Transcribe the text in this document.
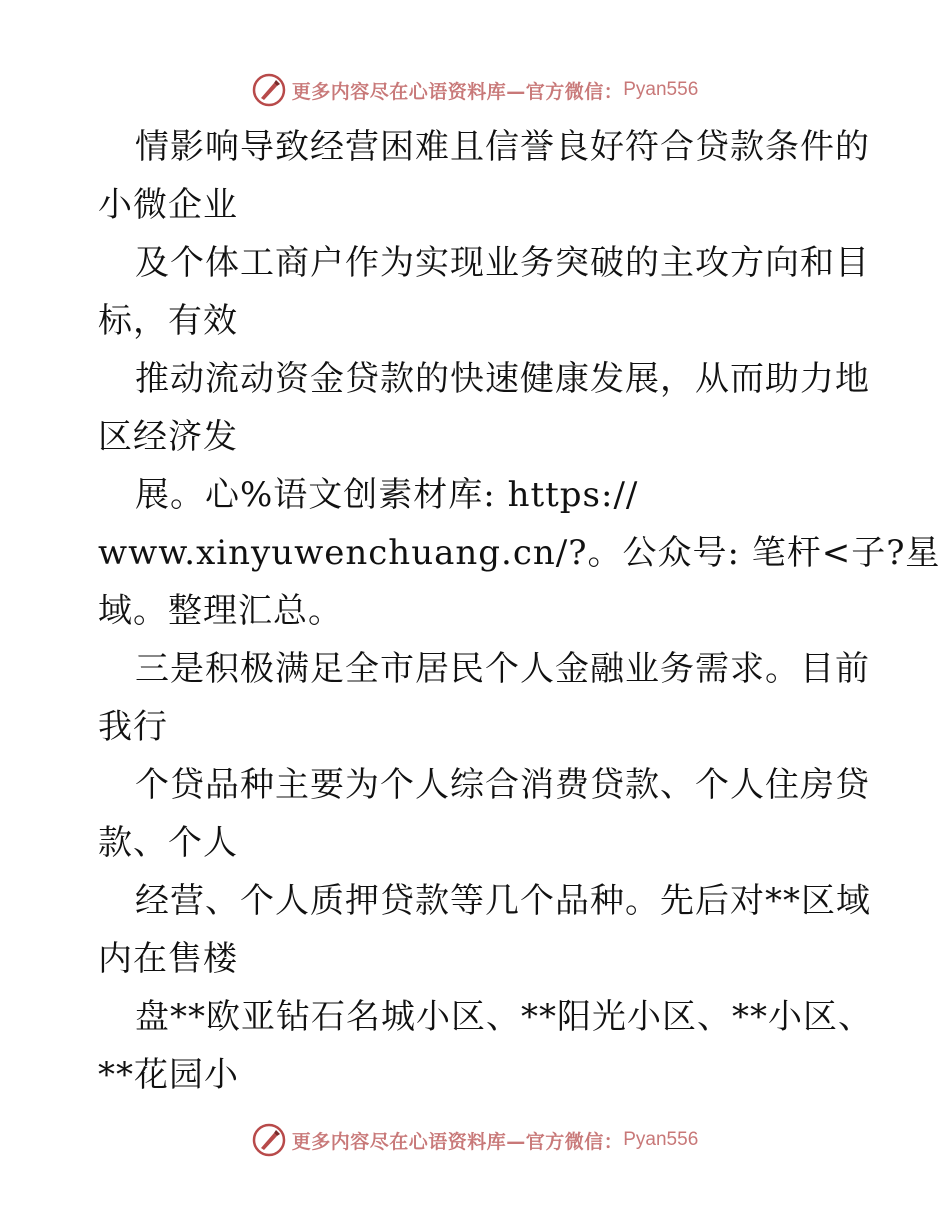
更多内容尽在心语资料库—官方微信： Pyan556
情影响导致经营困难且信誉良好符合贷款条件的
小微企业
及个体工商户作为实现业务突破的主攻方向和目
标，有效
推动流动资金贷款的快速健康发展，从而助力地
区经济发
展。心%语文创素材库: https://
www.xinyuwenchuang.cn/?。公众号: 笔杆<子?星
域。整理汇总。
三是积极满足全市居民个人金融业务需求。目前
我行
个贷品种主要为个人综合消费贷款、个人住房贷
款、个人
经营、个人质押贷款等几个品种。先后对**区域
内在售楼
盘**欧亚钻石名城小区、**阳光小区、**小区、
**花园小
更多内容尽在心语资料库—官方微信： Pyan556
